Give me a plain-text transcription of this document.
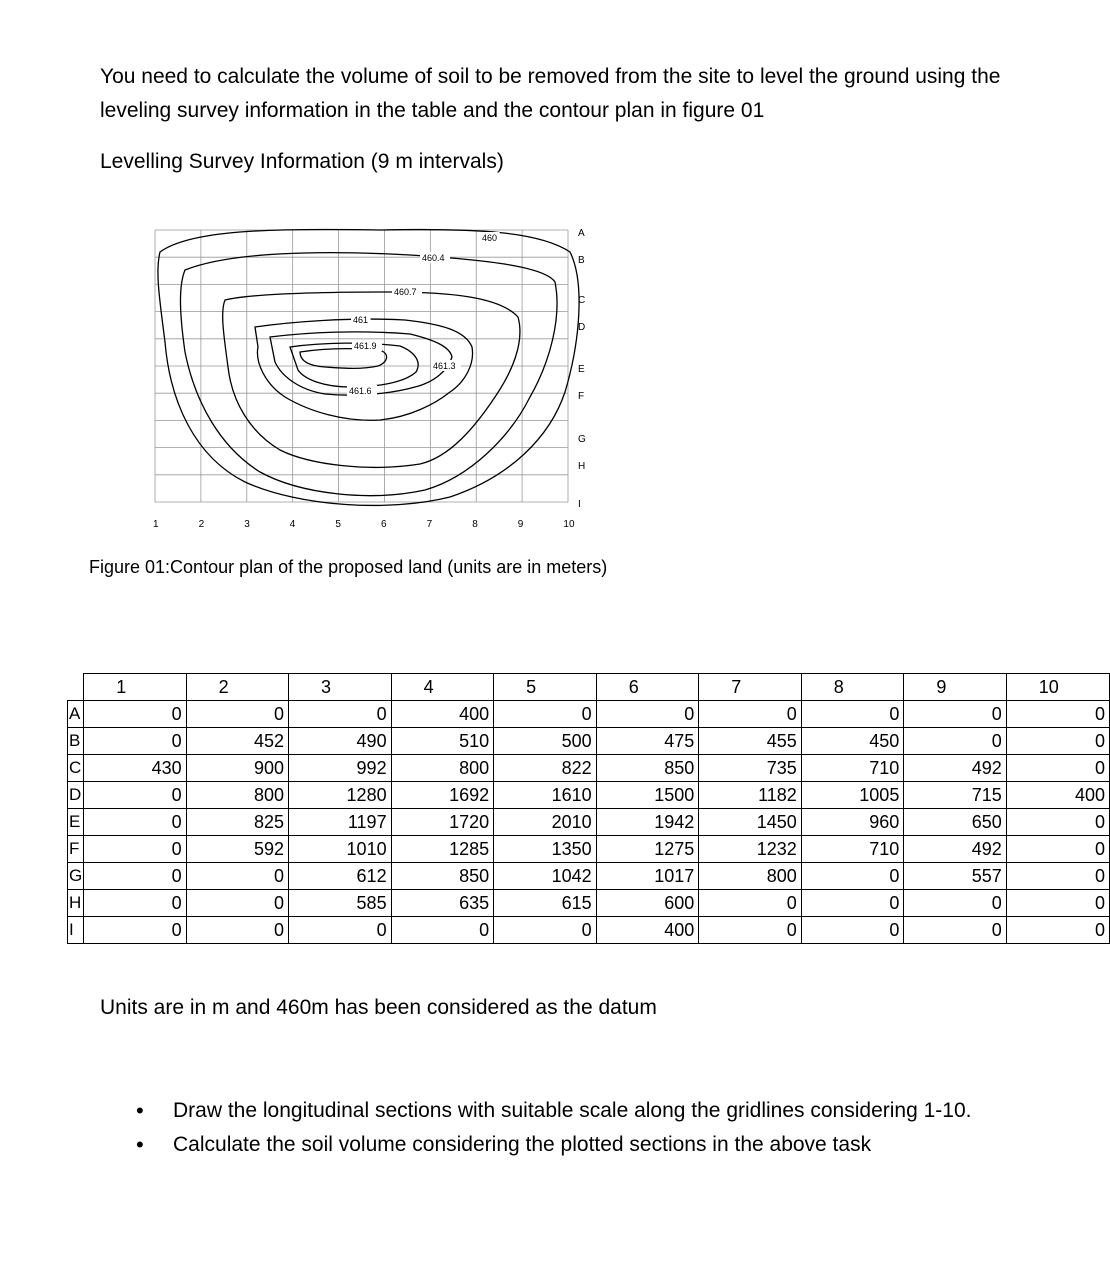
You need to calculate the volume of soil to be removed from the site to level the ground using the leveling survey information in the table and the contour plan in figure 01
Levelling Survey Information (9 m intervals)
460
460.4
460.7
461
461.9
461.3
461.6
1	2	3	4	5	6	7	8	9	10
A
B
C
D
E
F
G
H
I
Figure 01:Contour plan of the proposed land (units are in meters)
	1	2	3	4	5	6	7	8	9	10
A	0	0	0	400	0	0	0	0	0	0
B	0	452	490	510	500	475	455	450	0	0
C	430	900	992	800	822	850	735	710	492	0
D	0	800	1280	1692	1610	1500	1182	1005	715	400
E	0	825	1197	1720	2010	1942	1450	960	650	0
F	0	592	1010	1285	1350	1275	1232	710	492	0
G	0	0	612	850	1042	1017	800	0	557	0
H	0	0	585	635	615	600	0	0	0	0
I	0	0	0	0	0	400	0	0	0	0
Units are in m and 460m has been considered as the datum
• Draw the longitudinal sections with suitable scale along the gridlines considering 1-10.
• Calculate the soil volume considering the plotted sections in the above task
